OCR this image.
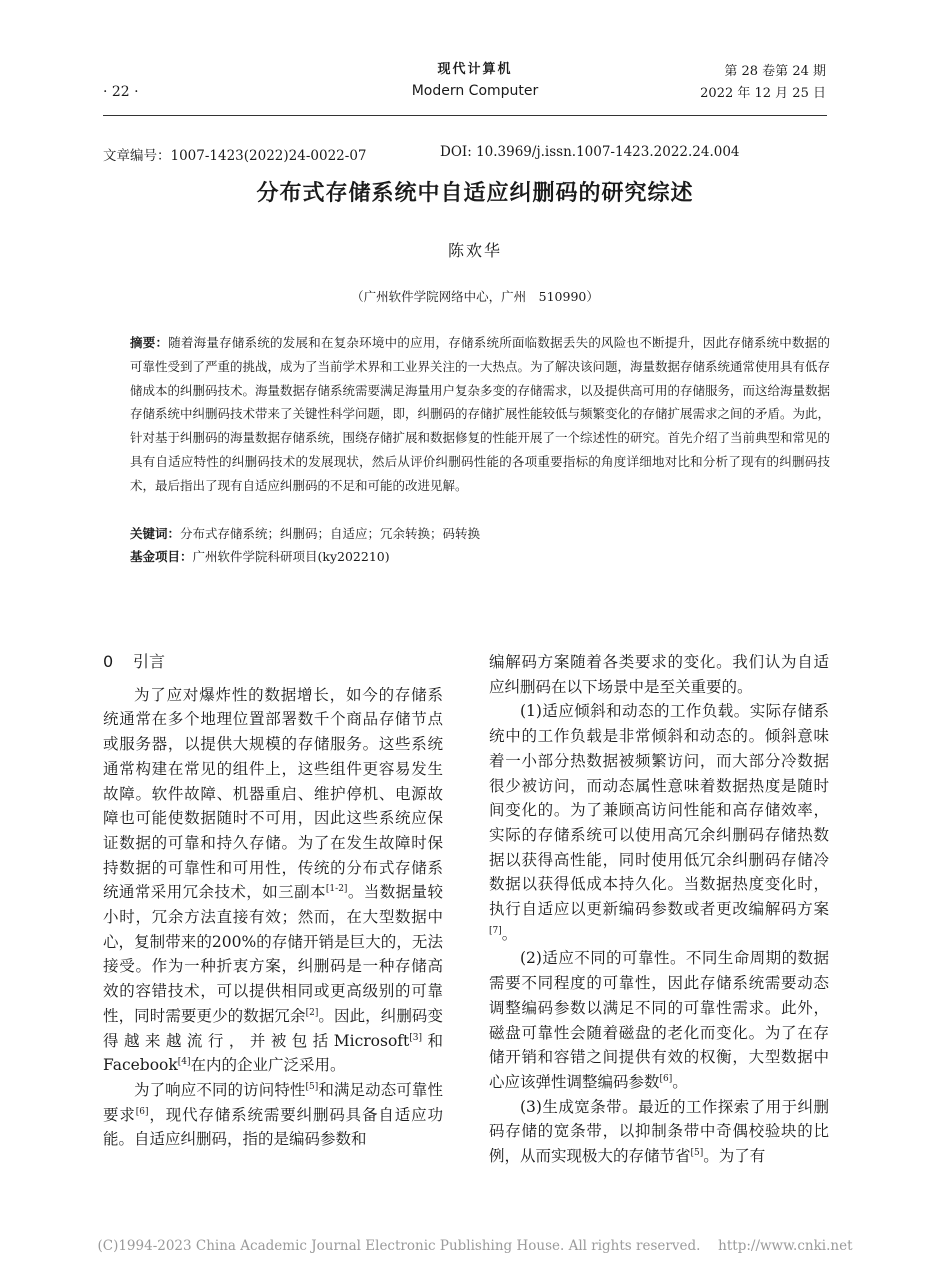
现代计算机
Modern Computer
· 22 ·
第 28 卷第 24 期
2022 年 12 月 25 日
文章编号：1007-1423(2022)24-0022-07	DOI: 10.3969/j.issn.1007-1423.2022.24.004
分布式存储系统中自适应纠删码的研究综述
陈欢华
（广州软件学院网络中心，广州　510990）
摘要：随着海量存储系统的发展和在复杂环境中的应用，存储系统所面临数据丢失的风险也不断提升，因此存储系统中数据的可靠性受到了严重的挑战，成为了当前学术界和工业界关注的一大热点。为了解决该问题，海量数据存储系统通常使用具有低存储成本的纠删码技术。海量数据存储系统需要满足海量用户复杂多变的存储需求，以及提供高可用的存储服务，而这给海量数据存储系统中纠删码技术带来了关键性科学问题，即，纠删码的存储扩展性能较低与频繁变化的存储扩展需求之间的矛盾。为此，针对基于纠删码的海量数据存储系统，围绕存储扩展和数据修复的性能开展了一个综述性的研究。首先介绍了当前典型和常见的具有自适应特性的纠删码技术的发展现状，然后从评价纠删码性能的各项重要指标的角度详细地对比和分析了现有的纠删码技术，最后指出了现有自适应纠删码的不足和可能的改进见解。
关键词：分布式存储系统；纠删码；自适应；冗余转换；码转换
基金项目：广州软件学院科研项目(ky202210)
0 引言

为了应对爆炸性的数据增长，如今的存储系统通常在多个地理位置部署数千个商品存储节点或服务器，以提供大规模的存储服务。这些系统通常构建在常见的组件上，这些组件更容易发生故障。软件故障、机器重启、维护停机、电源故障也可能使数据随时不可用，因此这些系统应保证数据的可靠和持久存储。为了在发生故障时保持数据的可靠性和可用性，传统的分布式存储系统通常采用冗余技术，如三副本[1-2]。当数据量较小时，冗余方法直接有效；然而，在大型数据中心，复制带来的200%的存储开销是巨大的，无法接受。作为一种折衷方案，纠删码是一种存储高效的容错技术，可以提供相同或更高级别的可靠性，同时需要更少的数据冗余[2]。因此，纠删码变得越来越流行，并被包括Microsoft[3]和Facebook[4]在内的企业广泛采用。

为了响应不同的访问特性[5]和满足动态可靠性要求[6]，现代存储系统需要纠删码具备自适应功能。自适应纠删码，指的是编码参数和

编解码方案随着各类要求的变化。我们认为自适应纠删码在以下场景中是至关重要的。

(1)适应倾斜和动态的工作负载。实际存储系统中的工作负载是非常倾斜和动态的。倾斜意味着一小部分热数据被频繁访问，而大部分冷数据很少被访问，而动态属性意味着数据热度是随时间变化的。为了兼顾高访问性能和高存储效率，实际的存储系统可以使用高冗余纠删码存储热数据以获得高性能，同时使用低冗余纠删码存储冷数据以获得低成本持久化。当数据热度变化时，执行自适应以更新编码参数或者更改编解码方案[7]。

(2)适应不同的可靠性。不同生命周期的数据需要不同程度的可靠性，因此存储系统需要动态调整编码参数以满足不同的可靠性需求。此外，磁盘可靠性会随着磁盘的老化而变化。为了在存储开销和容错之间提供有效的权衡，大型数据中心应该弹性调整编码参数[6]。

(3)生成宽条带。最近的工作探索了用于纠删码存储的宽条带，以抑制条带中奇偶校验块的比例，从而实现极大的存储节省[5]。为了有

(C)1994-2023 China Academic Journal Electronic Publishing House. All rights reserved.　 http://www.cnki.net
